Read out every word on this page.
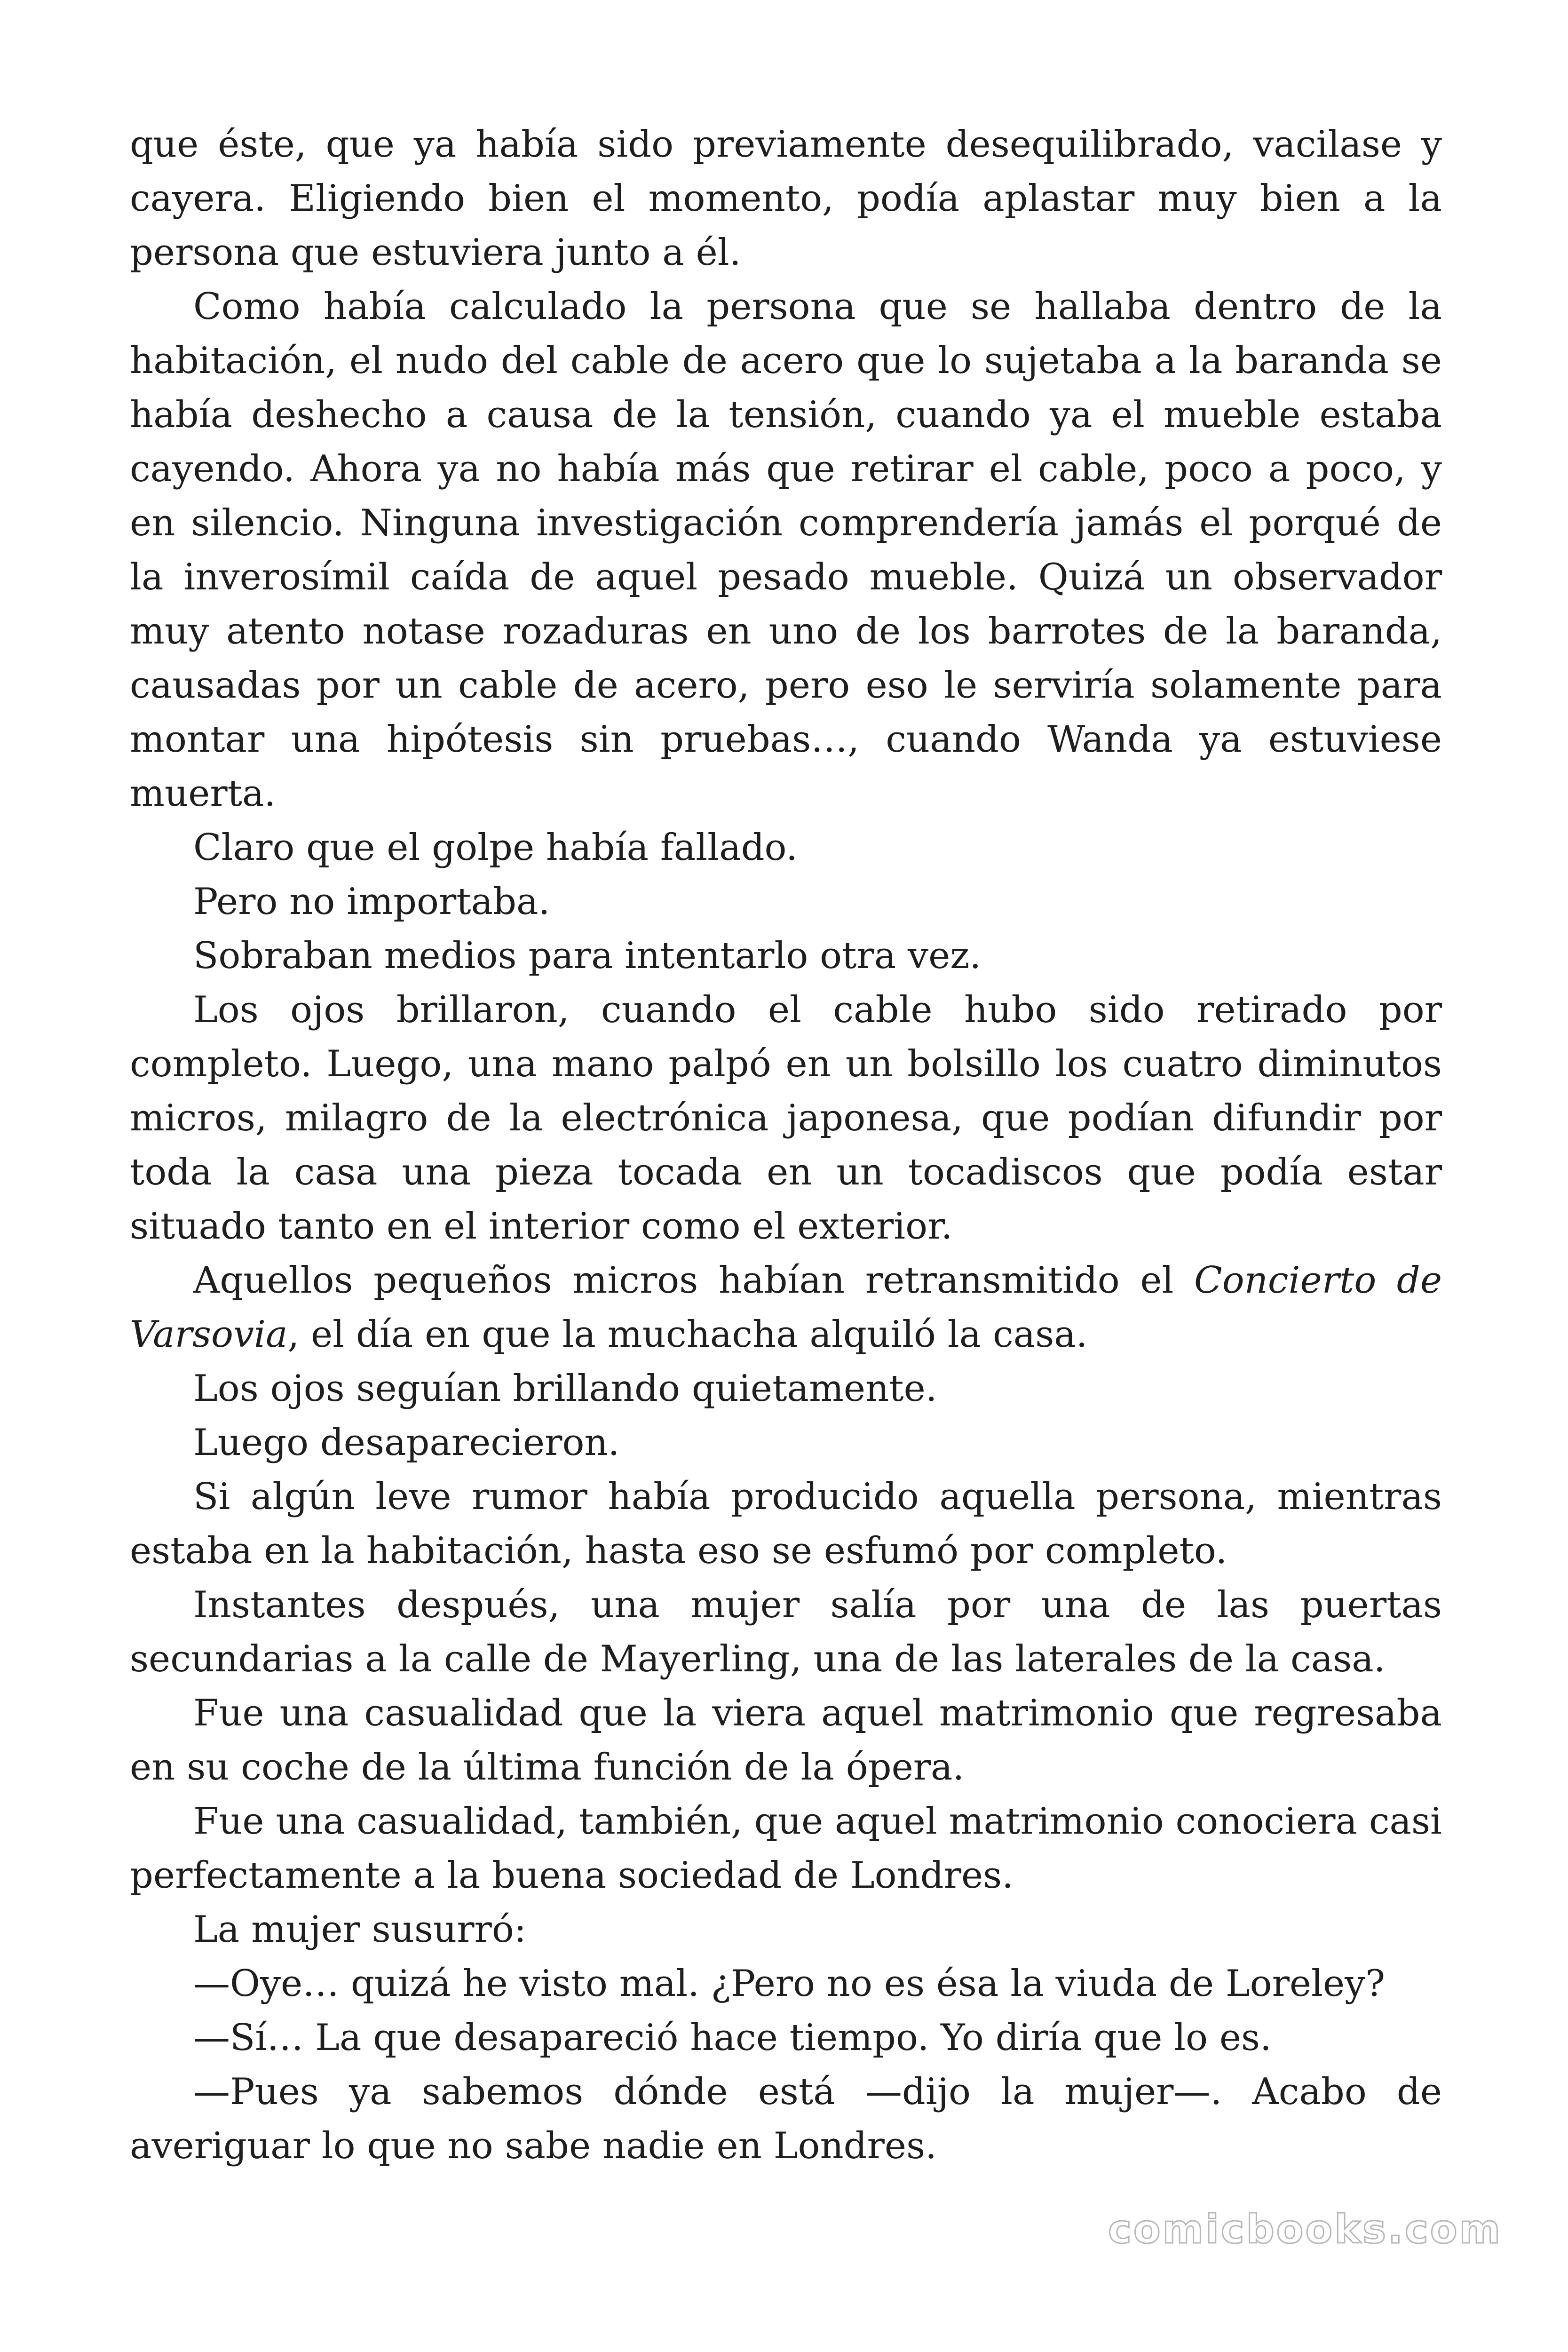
que éste, que ya había sido previamente desequilibrado, vacilase y cayera. Eligiendo bien el momento, podía aplastar muy bien a la persona que estuviera junto a él.

Como había calculado la persona que se hallaba dentro de la habitación, el nudo del cable de acero que lo sujetaba a la baranda se había deshecho a causa de la tensión, cuando ya el mueble estaba cayendo. Ahora ya no había más que retirar el cable, poco a poco, y en silencio. Ninguna investigación comprendería jamás el porqué de la inverosímil caída de aquel pesado mueble. Quizá un observador muy atento notase rozaduras en uno de los barrotes de la baranda, causadas por un cable de acero, pero eso le serviría solamente para montar una hipótesis sin pruebas…, cuando Wanda ya estuviese muerta.

Claro que el golpe había fallado.

Pero no importaba.

Sobraban medios para intentarlo otra vez.

Los ojos brillaron, cuando el cable hubo sido retirado por completo. Luego, una mano palpó en un bolsillo los cuatro diminutos micros, milagro de la electrónica japonesa, que podían difundir por toda la casa una pieza tocada en un tocadiscos que podía estar situado tanto en el interior como el exterior.

Aquellos pequeños micros habían retransmitido el Concierto de Varsovia, el día en que la muchacha alquiló la casa.

Los ojos seguían brillando quietamente.

Luego desaparecieron.

Si algún leve rumor había producido aquella persona, mientras estaba en la habitación, hasta eso se esfumó por completo.

Instantes después, una mujer salía por una de las puertas secundarias a la calle de Mayerling, una de las laterales de la casa.

Fue una casualidad que la viera aquel matrimonio que regresaba en su coche de la última función de la ópera.

Fue una casualidad, también, que aquel matrimonio conociera casi perfectamente a la buena sociedad de Londres.

La mujer susurró:

—Oye… quizá he visto mal. ¿Pero no es ésa la viuda de Loreley?

—Sí… La que desapareció hace tiempo. Yo diría que lo es.

—Pues ya sabemos dónde está —dijo la mujer—. Acabo de averiguar lo que no sabe nadie en Londres.

comicbooks.com
